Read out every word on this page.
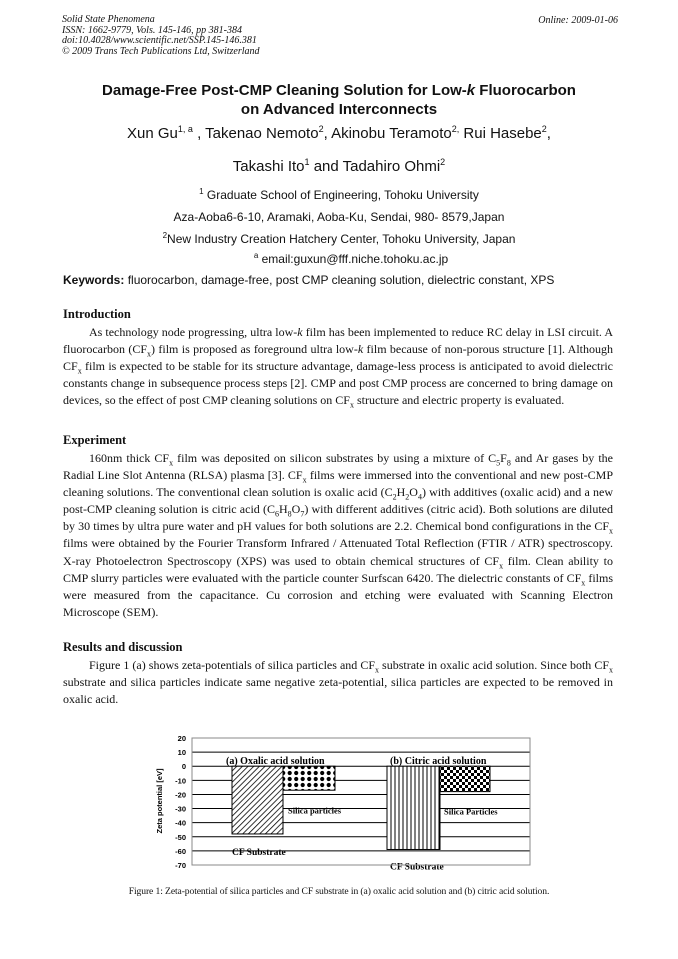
Solid State Phenomena
ISSN: 1662-9779, Vols. 145-146, pp 381-384
doi:10.4028/www.scientific.net/SSP.145-146.381
© 2009 Trans Tech Publications Ltd, Switzerland
Online: 2009-01-06
Damage-Free Post-CMP Cleaning Solution for Low-k Fluorocarbon
on Advanced Interconnects
Xun Gu$^{1, a}$ , Takenao Nemoto$^2$, Akinobu Teramoto$^{2,}$ Rui Hasebe$^2$,
Takashi Ito$^1$ and Tadahiro Ohmi$^2$
$^1$ Graduate School of Engineering, Tohoku University
Aza-Aoba6-6-10, Aramaki, Aoba-Ku, Sendai, 980- 8579,Japan
$^2$New Industry Creation Hatchery Center, Tohoku University, Japan
$^a$ email:guxun@fff.niche.tohoku.ac.jp
Keywords: fluorocarbon, damage-free, post CMP cleaning solution, dielectric constant, XPS
Introduction

As technology node progressing, ultra low-k film has been implemented to reduce RC delay in LSI circuit. A fluorocarbon $(CF_x)$ film is proposed as foreground ultra low-k film because of non-porous structure [1]. Although $CF_x$ film is expected to be stable for its structure advantage, damage-less process is anticipated to avoid dielectric constants change in subsequence process steps [2]. CMP and post CMP process are concerned to bring damage on devices, so the effect of post CMP cleaning solutions on $CF_x$ structure and electric property is evaluated.

Experiment

160nm thick $CF_x$ film was deposited on silicon substrates by using a mixture of $C_5F_8$ and Ar gases by the Radial Line Slot Antenna (RLSA) plasma [3]. $CF_x$ films were immersed into the conventional and new post-CMP cleaning solutions. The conventional clean solution is oxalic acid $(C_2H_2O_4)$ with additives (oxalic acid) and a new post-CMP cleaning solution is citric acid $(C_6H_8O_7)$ with different additives (citric acid). Both solutions are diluted by 30 times by ultra pure water and pH values for both solutions are 2.2. Chemical bond configurations in the $CF_x$ films were obtained by the Fourier Transform Infrared / Attenuated Total Reflection (FTIR / ATR) spectroscopy. X-ray Photoelectron Spectroscopy (XPS) was used to obtain chemical structures of $CF_x$ film. Clean ability to CMP slurry particles were evaluated with the particle counter Surfscan 6420. The dielectric constants of $CF_x$ films were measured from the capacitance. Cu corrosion and etching were evaluated with Scanning Electron Microscope (SEM).

Results and discussion

Figure 1 (a) shows zeta-potentials of silica particles and $CF_x$ substrate in oxalic acid solution. Since both $CF_x$ substrate and silica particles indicate same negative zeta-potential, silica particles are expected to be removed in oxalic acid.

20
10
0
-10
-20
-30
-40
-50
-60
-70
(a) Oxalic acid solution
CF Substrate
Silica particles
(b) Citric acid solution
CF Substrate
Silica Particles
Zeta potential [eV]
Figure 1: Zeta-potential of silica particles and CF substrate in (a) oxalic acid solution and (b) citric acid solution.
